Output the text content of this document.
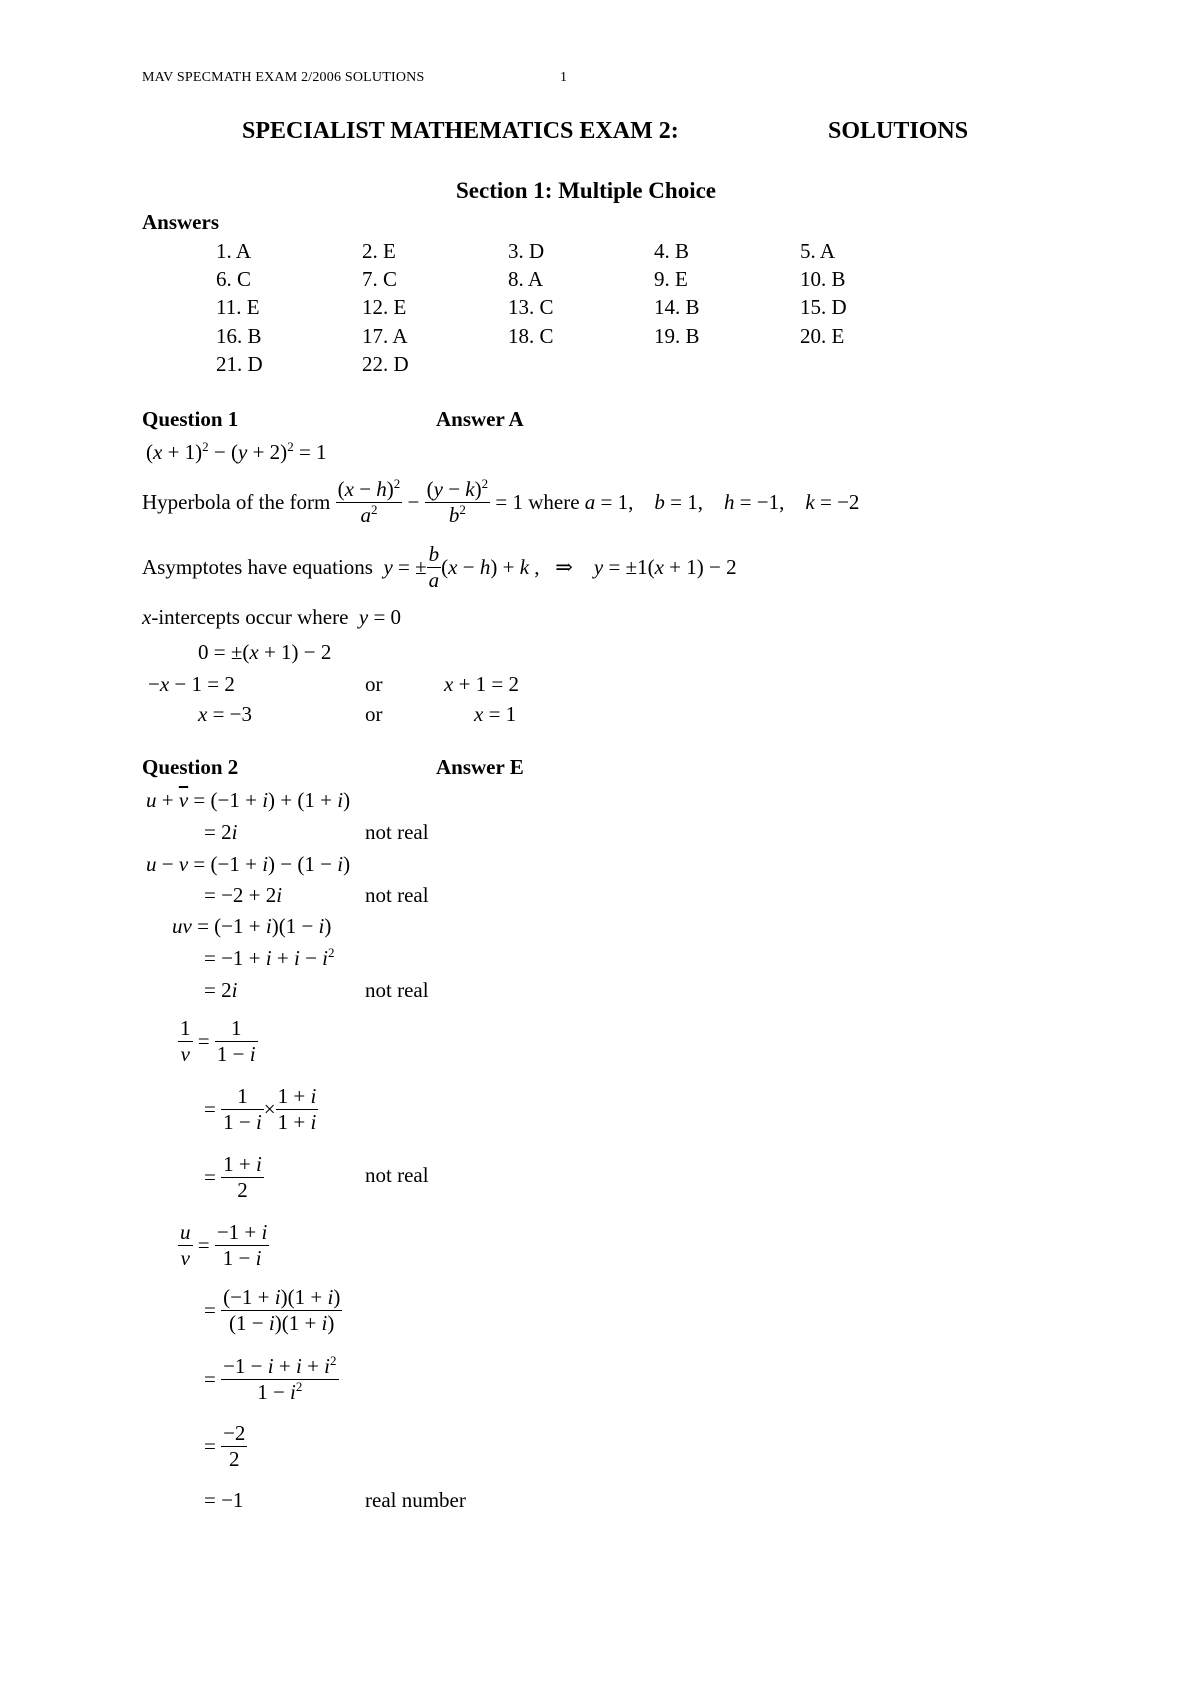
MAV SPECMATH EXAM 2/2006 SOLUTIONS	1
SPECIALIST MATHEMATICS EXAM 2:	SOLUTIONS
Section 1: Multiple Choice
Answers
1. A	2. E	3. D	4. B	5. A
6. C	7. C	8. A	9. E	10. B
11. E	12. E	13. C	14. B	15. D
16. B	17. A	18. C	19. B	20. E
21. D	22. D
Question 1	Answer A
$(x + 1)^2 - (y + 2)^2 = 1$
Hyperbola of the form
$\frac{(x - h)^2}{a^2} - \frac{(y - k)^2}{b^2} = 1$ where a = 1,    b = 1,    h = −1,    k = −2
Asymptotes have equations y = ± $\frac{b}{a} (x - h) + k$ ,   ⇒    y = ±1(x + 1) − 2
x-intercepts occur where y = 0
0 = ±(x + 1) − 2
−x − 1 = 2	or	x + 1 = 2
x = −3	or	x = 1
Question 2	Answer E
$u + \overline{v} = (-1 + i) + (1 + i)$
= 2i	not real
u − v = (−1 + i) − (1 − i)
= −2 + 2i	not real
uv = (−1 + i)(1 − i)
= $-1 + i + i - i^2$
= 2i	not real
$\frac{1}{v} = \frac{1}{1 - i}$
= $\frac{1}{1 - i} \times \frac{1 + i}{1 + i}$
= $\frac{1 + i}{2}$	not real
$\frac{u}{v} = \frac{-1 + i}{1 - i}$
= $\frac{(-1 + i)(1 + i)}{(1 - i)(1 + i)}$
= $\frac{-1 - i + i + i^2}{1 - i^2}$
= $\frac{-2}{2}$
= −1	real number
